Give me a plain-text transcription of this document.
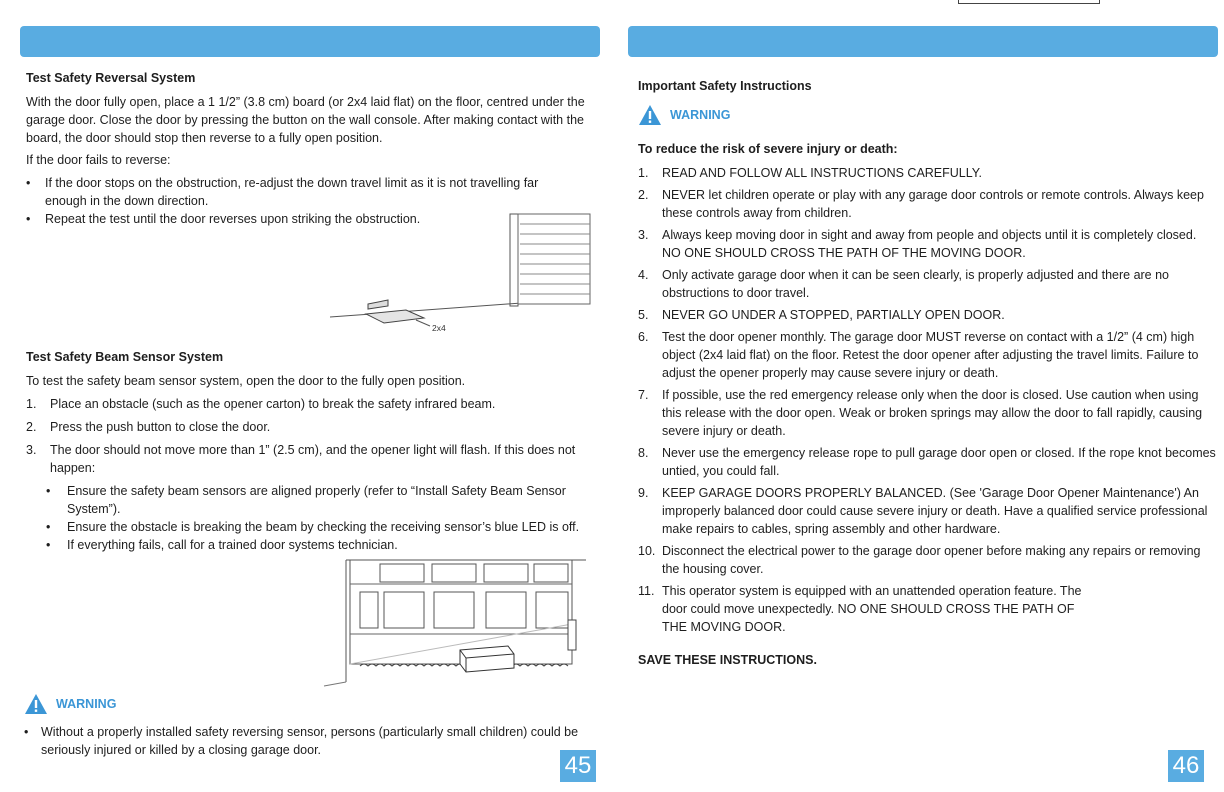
Test Safety Reversal System

With the door fully open, place a 1 1/2” (3.8 cm) board (or 2x4 laid flat) on the floor, centred under the garage door. Close the door by pressing the button on the wall console. After making contact with the board, the door should stop then reverse to a fully open position.

If the door fails to reverse:

•	If the door stops on the obstruction, re-adjust the down travel limit as it is not travelling far enough in the down direction.
•	Repeat the test until the door reverses upon striking the obstruction.
2x4
Test Safety Beam Sensor System

To test the safety beam sensor system, open the door to the fully open position.

1.	Place an obstacle (such as the opener carton) to break the safety infrared beam.
2.	Press the push button to close the door.
3.	The door should not move more than 1” (2.5 cm), and the opener light will flash. If this does not happen:
•	Ensure the safety beam sensors are aligned properly (refer to “Install Safety Beam Sensor System”).
•	Ensure the obstacle is breaking the beam by checking the receiving sensor’s blue LED is off.
•	If everything fails, call for a trained door systems technician.
WARNING
•	Without a properly installed safety reversing sensor, persons (particularly small children) could be seriously injured or killed by a closing garage door.
45
Important Safety Instructions
WARNING
To reduce the risk of severe injury or death:
1.	READ AND FOLLOW ALL INSTRUCTIONS CAREFULLY.
2.	NEVER let children operate or play with any garage door controls or remote controls. Always keep these controls away from children.
3.	Always keep moving door in sight and away from people and objects until it is completely closed. NO ONE SHOULD CROSS THE PATH OF THE MOVING DOOR.
4.	Only activate garage door when it can be seen clearly, is properly adjusted and there are no obstructions to door travel.
5.	NEVER GO UNDER A STOPPED, PARTIALLY OPEN DOOR.
6.	Test the door opener monthly. The garage door MUST reverse on contact with a 1/2” (4 cm) high object (2x4 laid flat) on the floor. Retest the door opener after adjusting the travel limits. Failure to adjust the opener properly may cause severe injury or death.
7.	If possible, use the red emergency release only when the door is closed. Use caution when using this release with the door open. Weak or broken springs may allow the door to fall rapidly, causing severe injury or death.
8.	Never use the emergency release rope to pull garage door open or closed. If the rope knot becomes untied, you could fall.
9.	KEEP GARAGE DOORS PROPERLY BALANCED. (See 'Garage Door Opener Maintenance') An improperly balanced door could cause severe injury or death. Have a qualified service professional make repairs to cables, spring assembly and other hardware.
10. Disconnect the electrical power to the garage door opener before making any repairs or removing the housing cover.
11. This operator system is equipped with an unattended operation feature. The door could move unexpectedly. NO ONE SHOULD CROSS THE PATH OF THE MOVING DOOR.
SAVE THESE INSTRUCTIONS.
46
